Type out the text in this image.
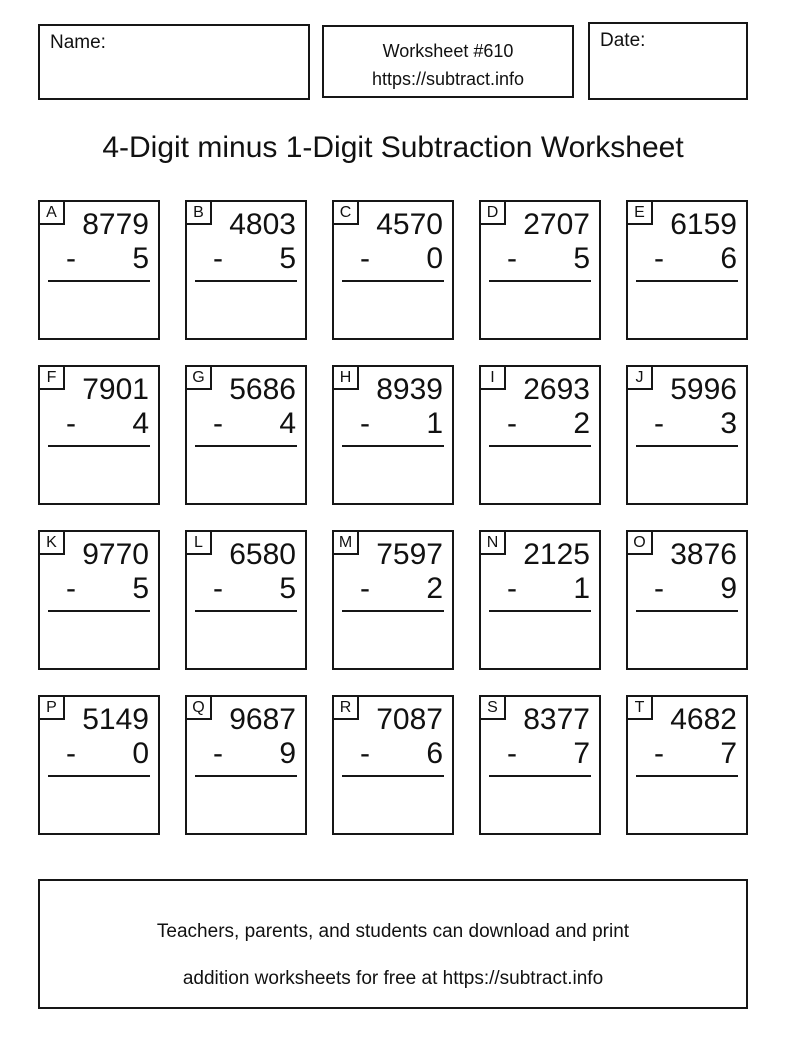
Name:	Worksheet #610
https://subtract.info
Date:
4-Digit minus 1-Digit Subtraction Worksheet
A 8779
- 5
B 4803
- 5
C 4570
- 0
D 2707
- 5
E 6159
- 6
F 7901
- 4
G 5686
- 4
H 8939
- 1
I 2693
- 2
J 5996
- 3
K 9770
- 5
L 6580
- 5
M 7597
- 2
N 2125
- 1
O 3876
- 9
P 5149
- 0
Q 9687
- 9
R 7087
- 6
S 8377
- 7
T 4682
- 7
Teachers, parents, and students can download and print
addition worksheets for free at https://subtract.info
